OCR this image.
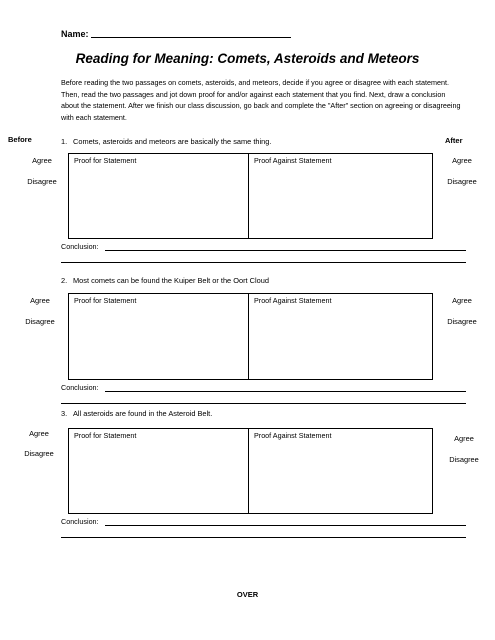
Name:
Reading for Meaning: Comets, Asteroids and Meteors
Before reading the two passages on comets, asteroids, and meteors, decide if you agree or disagree with each statement. Then, read the two passages and jot down proof for and/or against each statement that you find. Next, draw a conclusion about the statement. After we finish our class discussion, go back and complete the "After" section on agreeing or disagreeing with each statement.
Before	After
1. Comets, asteroids and meteors are basically the same thing.
Agree
Disagree
Agree
Disagree
Proof for Statement	Proof Against Statement
Conclusion:
2. Most comets can be found the Kuiper Belt or the Oort Cloud
Agree
Disagree
Agree
Disagree
Proof for Statement	Proof Against Statement
Conclusion:
3. All asteroids are found in the Asteroid Belt.
Agree
Disagree
Agree
Disagree
Proof for Statement	Proof Against Statement
Conclusion:
OVER
